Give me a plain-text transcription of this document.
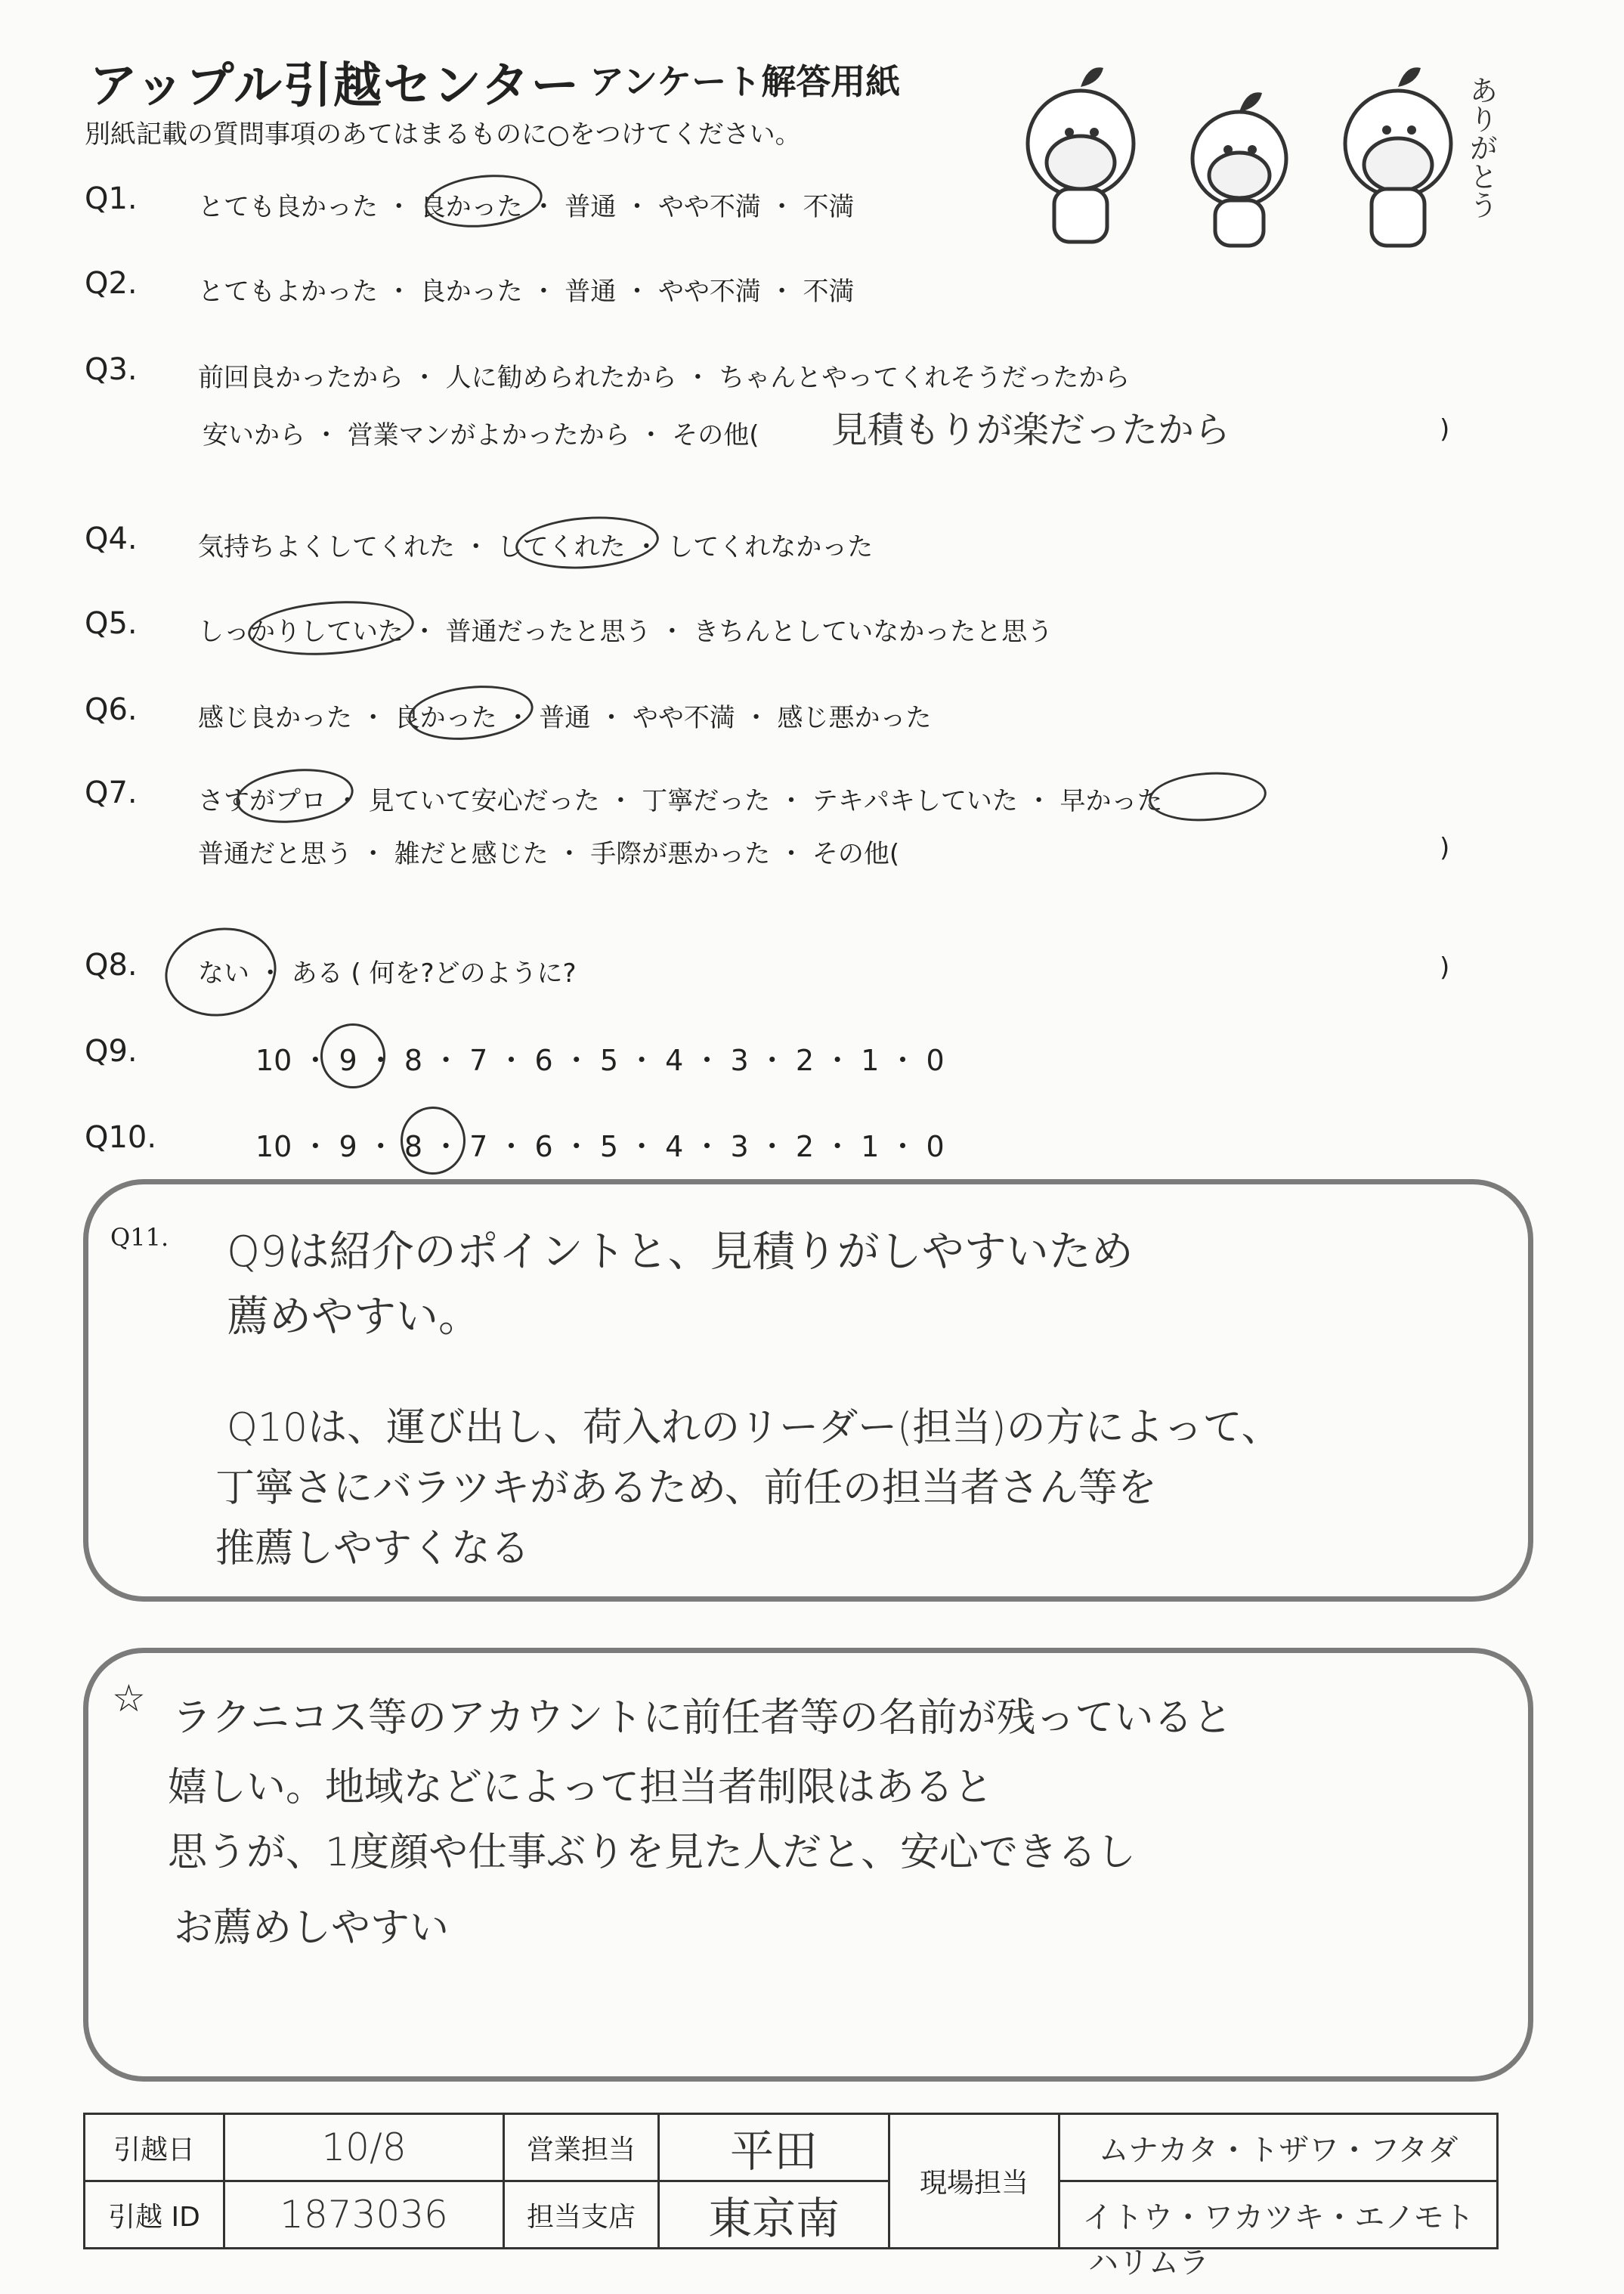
アップル引越センター アンケート解答用紙
別紙記載の質問事項のあてはまるものに○をつけてください。	ありがとう
Q1. とても良かった ・ 良かった ・ 普通 ・ やや不満 ・ 不満
Q2. とてもよかった ・ 良かった ・ 普通 ・ やや不満 ・ 不満
Q3. 前回良かったから ・ 人に勧められたから ・ ちゃんとやってくれそうだったから
安いから ・ 営業マンがよかったから ・ その他( 見積もりが楽だったから	)
Q4. 気持ちよくしてくれた ・ してくれた ・ してくれなかった
Q5. しっかりしていた ・ 普通だったと思う ・ きちんとしていなかったと思う
Q6. 感じ良かった ・ 良かった ・ 普通 ・ やや不満 ・ 感じ悪かった
Q7. さすがプロ ・ 見ていて安心だった ・ 丁寧だった ・ テキパキしていた ・ 早かった
普通だと思う ・ 雑だと感じた ・ 手際が悪かった ・ その他(	)
Q8. ない ・ ある ( 何を?どのように?	)
Q9.	10 ・ 9 ・ 8 ・ 7 ・ 6 ・ 5 ・ 4 ・ 3 ・ 2 ・ 1 ・ 0
Q10.	10 ・ 9 ・ 8 ・ 7 ・ 6 ・ 5 ・ 4 ・ 3 ・ 2 ・ 1 ・ 0
Q11. Q9は紹介のポイントと、見積りがしやすいため
薦めやすい。
Q10は、運び出し、荷入れのリーダー(担当)の方によって、
丁寧さにバラツキがあるため、前任の担当者さん等を
推薦しやすくなる
☆ ラクニコス等のアカウントに前任者等の名前が残っていると
嬉しい。地域などによって担当者制限はあると
思うが、1度顔や仕事ぶりを見た人だと、安心できるし
お薦めしやすい
引越日	10/8	営業担当	平田	現場担当	ムナカタ・トザワ・フタダ
引越 ID	1873036	担当支店	東京南		イトウ・ワカツキ・エノモト
ハリムラ
